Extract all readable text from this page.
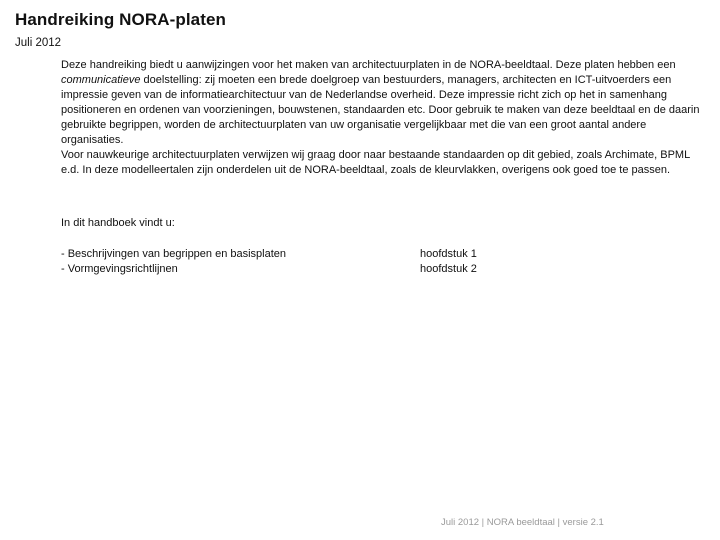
Handreiking NORA-platen
Juli 2012

Deze handreiking biedt u aanwijzingen voor het maken van architectuurplaten in de NORA-beeldtaal. Deze platen hebben een communicatieve doelstelling: zij moeten een brede doelgroep van bestuurders, managers, architecten en ICT-uitvoerders een impressie geven van de informatiearchitectuur van de Nederlandse overheid. Deze impressie richt zich op het in samenhang positioneren en ordenen van voorzieningen, bouwstenen, standaarden etc. Door gebruik te maken van deze beeldtaal en de daarin gebruikte begrippen, worden de architectuurplaten van uw organisatie vergelijkbaar met die van een groot aantal andere organisaties.

Voor nauwkeurige architectuurplaten verwijzen wij graag door naar bestaande standaarden op dit gebied, zoals Archimate, BPML e.d. In deze modelleertalen zijn onderdelen uit de NORA-beeldtaal, zoals de kleurvlakken, overigens ook goed toe te passen.

In dit handboek vindt u:

- Beschrijvingen van begrippen en basisplaten	hoofdstuk 1
- Vormgevingsrichtlijnen	hoofdstuk 2
Juli 2012 | NORA beeldtaal | versie 2.1
